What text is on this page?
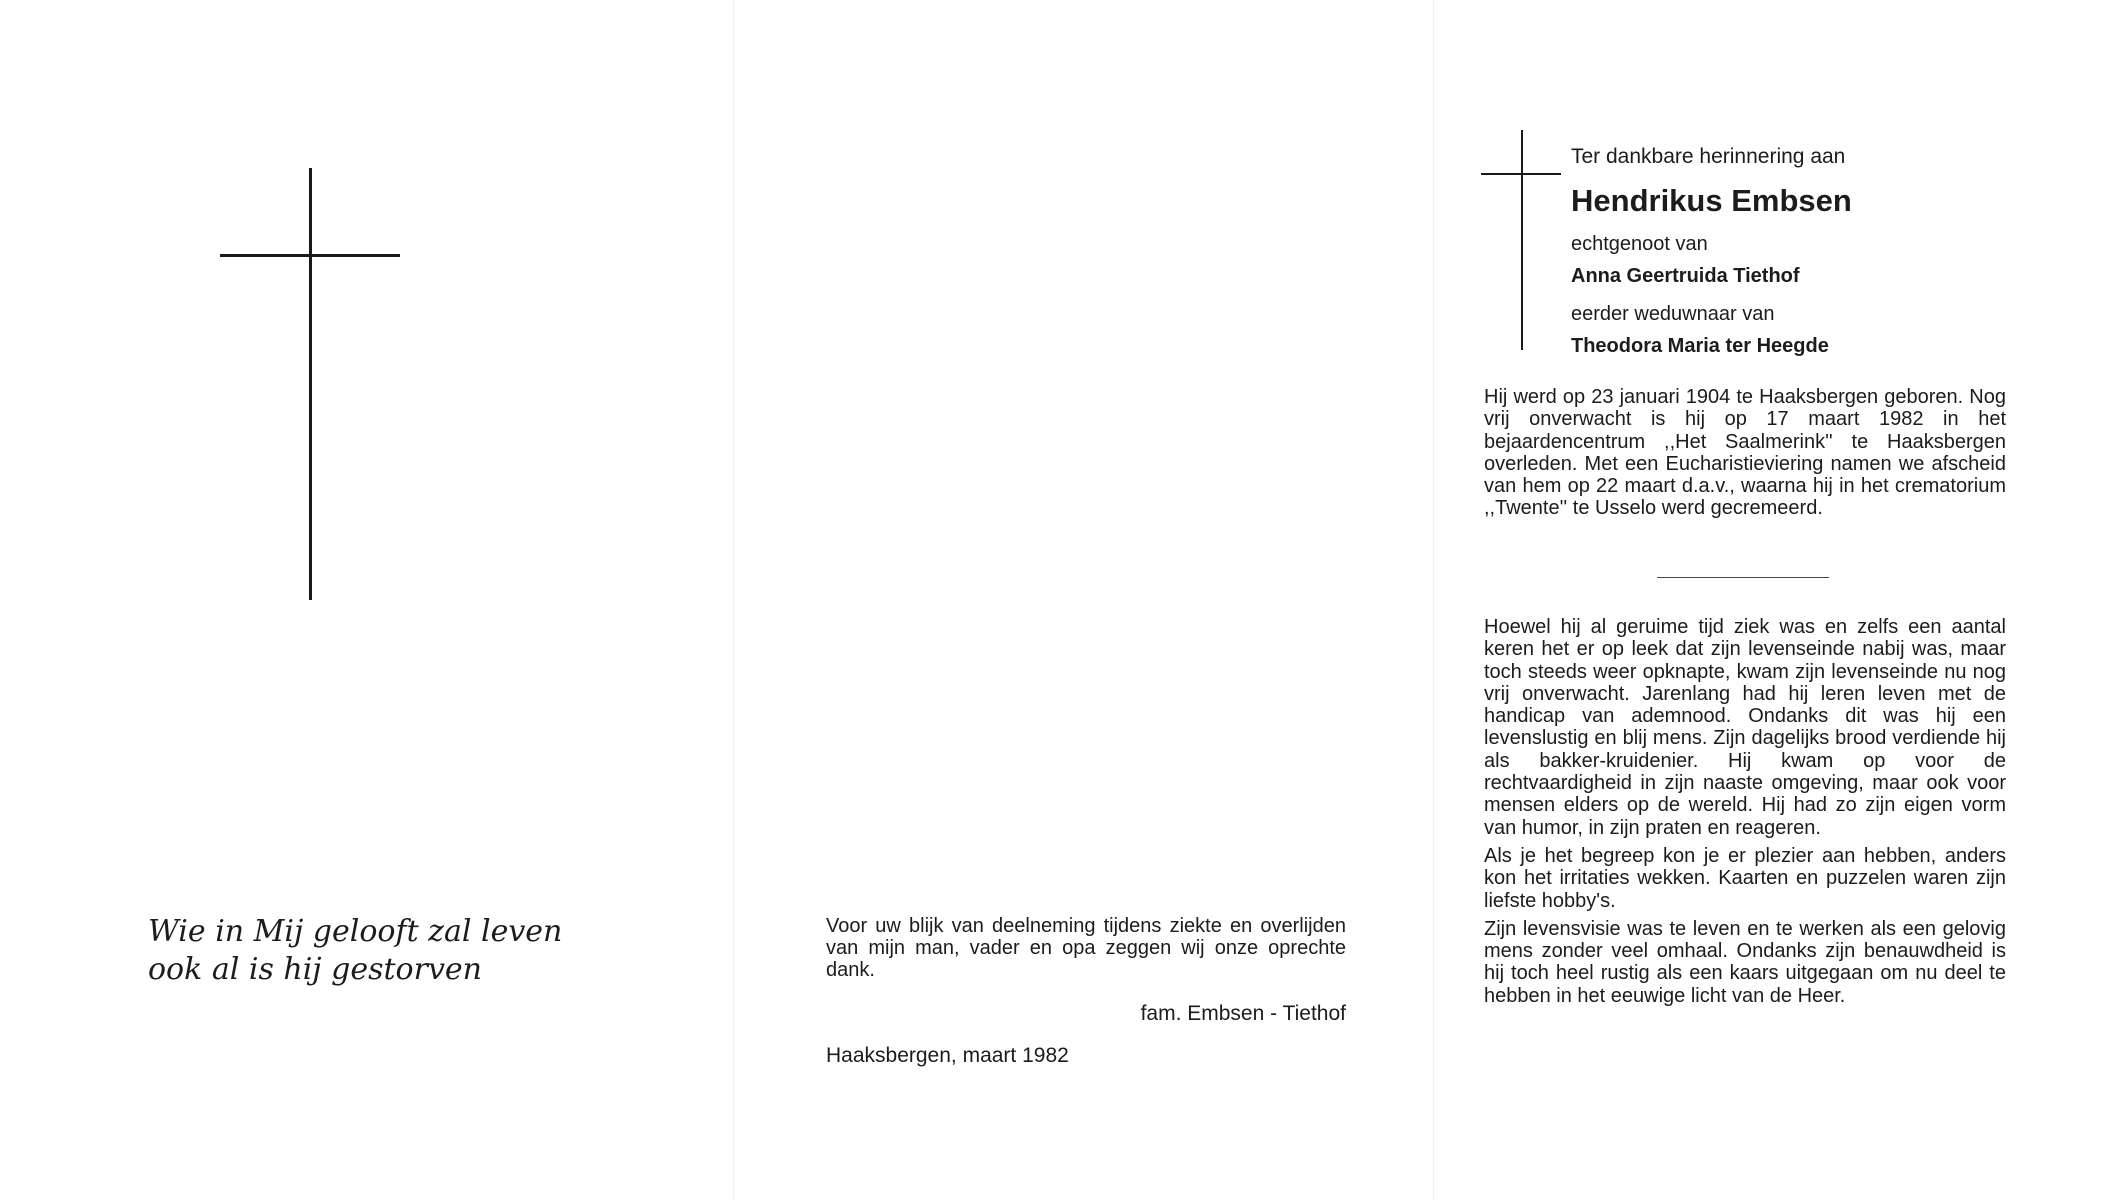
Wie in Mij gelooft zal leven
ook al is hij gestorven
Voor uw blijk van deelneming tijdens ziekte en overlijden van mijn man, vader en opa zeggen wij onze oprechte dank.
fam. Embsen - Tiethof
Haaksbergen, maart 1982
Ter dankbare herinnering aan
Hendrikus Embsen
echtgenoot van
Anna Geertruida Tiethof
eerder weduwnaar van
Theodora Maria ter Heegde

Hij werd op 23 januari 1904 te Haaksbergen geboren. Nog vrij onverwacht is hij op 17 maart 1982 in het bejaardencentrum ,,Het Saalmerink'' te Haaksbergen overleden. Met een Eucharistieviering namen we afscheid van hem op 22 maart d.a.v., waarna hij in het crematorium ,,Twente'' te Usselo werd gecremeerd.

Hoewel hij al geruime tijd ziek was en zelfs een aantal keren het er op leek dat zijn levenseinde nabij was, maar toch steeds weer opknapte, kwam zijn levenseinde nu nog vrij onverwacht. Jarenlang had hij leren leven met de handicap van ademnood. Ondanks dit was hij een levenslustig en blij mens. Zijn dagelijks brood verdiende hij als bakker-kruidenier. Hij kwam op voor de rechtvaardigheid in zijn naaste omgeving, maar ook voor mensen elders op de wereld. Hij had zo zijn eigen vorm van humor, in zijn praten en reageren.

Als je het begreep kon je er plezier aan hebben, anders kon het irritaties wekken. Kaarten en puzzelen waren zijn liefste hobby's.

Zijn levensvisie was te leven en te werken als een gelovig mens zonder veel omhaal. Ondanks zijn benauwdheid is hij toch heel rustig als een kaars uitgegaan om nu deel te hebben in het eeuwige licht van de Heer.
